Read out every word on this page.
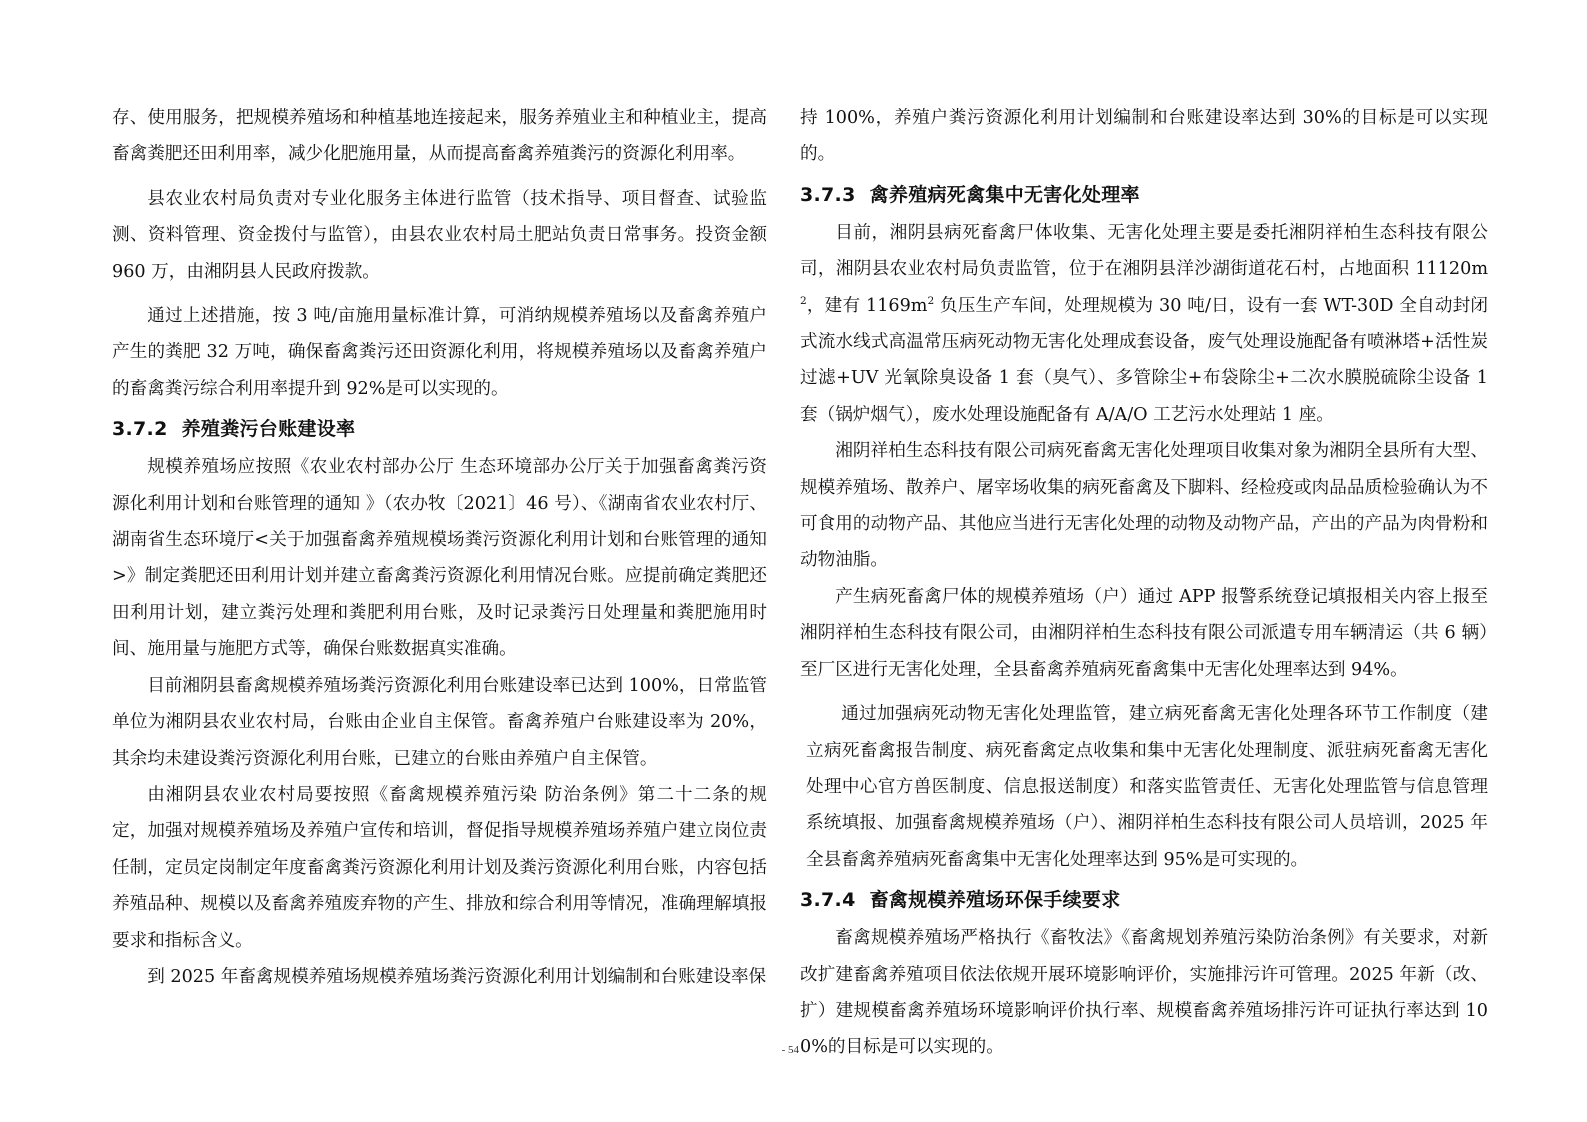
存、使用服务，把规模养殖场和种植基地连接起来，服务养殖业主和种植业主，提高畜禽粪肥还田利用率，减少化肥施用量，从而提高畜禽养殖粪污的资源化利用率。

县农业农村局负责对专业化服务主体进行监管（技术指导、项目督查、试验监测、资料管理、资金拨付与监管），由县农业农村局土肥站负责日常事务。投资金额 960 万，由湘阴县人民政府拨款。

通过上述措施，按 3 吨/亩施用量标准计算，可消纳规模养殖场以及畜禽养殖户产生的粪肥 32 万吨，确保畜禽粪污还田资源化利用，将规模养殖场以及畜禽养殖户的畜禽粪污综合利用率提升到 92%是可以实现的。

3.7.2 养殖粪污台账建设率

规模养殖场应按照《农业农村部办公厅 生态环境部办公厅关于加强畜禽粪污资源化利用计划和台账管理的通知 》（农办牧〔2021〕46 号）、《湖南省农业农村厅、湖南省生态环境厅<关于加强畜禽养殖规模场粪污资源化利用计划和台账管理的通知>》制定粪肥还田利用计划并建立畜禽粪污资源化利用情况台账。应提前确定粪肥还田利用计划，建立粪污处理和粪肥利用台账，及时记录粪污日处理量和粪肥施用时间、施用量与施肥方式等，确保台账数据真实准确。

目前湘阴县畜禽规模养殖场粪污资源化利用台账建设率已达到 100%，日常监管单位为湘阴县农业农村局，台账由企业自主保管。畜禽养殖户台账建设率为 20%，其余均未建设粪污资源化利用台账，已建立的台账由养殖户自主保管。

由湘阴县农业农村局要按照《畜禽规模养殖污染 防治条例》第二十二条的规定，加强对规模养殖场及养殖户宣传和培训，督促指导规模养殖场养殖户建立岗位责任制，定员定岗制定年度畜禽粪污资源化利用计划及粪污资源化利用台账，内容包括养殖品种、规模以及畜禽养殖废弃物的产生、排放和综合利用等情况，准确理解填报要求和指标含义。

到 2025 年畜禽规模养殖场规模养殖场粪污资源化利用计划编制和台账建设率保

持 100%，养殖户粪污资源化利用计划编制和台账建设率达到 30%的目标是可以实现的。

3.7.3 禽养殖病死禽集中无害化处理率

目前，湘阴县病死畜禽尸体收集、无害化处理主要是委托湘阴祥柏生态科技有限公司，湘阴县农业农村局负责监管，位于在湘阴县洋沙湖街道花石村，占地面积 $11120m^2$，建有 $1169m^2$ 负压生产车间，处理规模为 30 吨/日，设有一套 WT-30D 全自动封闭式流水线式高温常压病死动物无害化处理成套设备，废气处理设施配备有喷淋塔+活性炭过滤+UV 光氧除臭设备 1 套（臭气）、多管除尘+布袋除尘+二次水膜脱硫除尘设备 1 套（锅炉烟气），废水处理设施配备有 A/A/O 工艺污水处理站 1 座。

湘阴祥柏生态科技有限公司病死畜禽无害化处理项目收集对象为湘阴全县所有大型、规模养殖场、散养户、屠宰场收集的病死畜禽及下脚料、经检疫或肉品品质检验确认为不可食用的动物产品、其他应当进行无害化处理的动物及动物产品，产出的产品为肉骨粉和动物油脂。

产生病死畜禽尸体的规模养殖场（户）通过 APP 报警系统登记填报相关内容上报至湘阴祥柏生态科技有限公司，由湘阴祥柏生态科技有限公司派遣专用车辆清运（共 6 辆）至厂区进行无害化处理，全县畜禽养殖病死畜禽集中无害化处理率达到 94%。

通过加强病死动物无害化处理监管，建立病死畜禽无害化处理各环节工作制度（建立病死畜禽报告制度、病死畜禽定点收集和集中无害化处理制度、派驻病死畜禽无害化处理中心官方兽医制度、信息报送制度）和落实监管责任、无害化处理监管与信息管理系统填报、加强畜禽规模养殖场（户）、湘阴祥柏生态科技有限公司人员培训，2025 年全县畜禽养殖病死畜禽集中无害化处理率达到 95%是可实现的。

3.7.4 畜禽规模养殖场环保手续要求

畜禽规模养殖场严格执行《畜牧法》《畜禽规划养殖污染防治条例》有关要求，对新改扩建畜禽养殖项目依法依规开展环境影响评价，实施排污许可管理。2025 年新（改、扩）建规模畜禽养殖场环境影响评价执行率、规模畜禽养殖场排污许可证执行率达到 100%的目标是可以实现的。

- 54 -
